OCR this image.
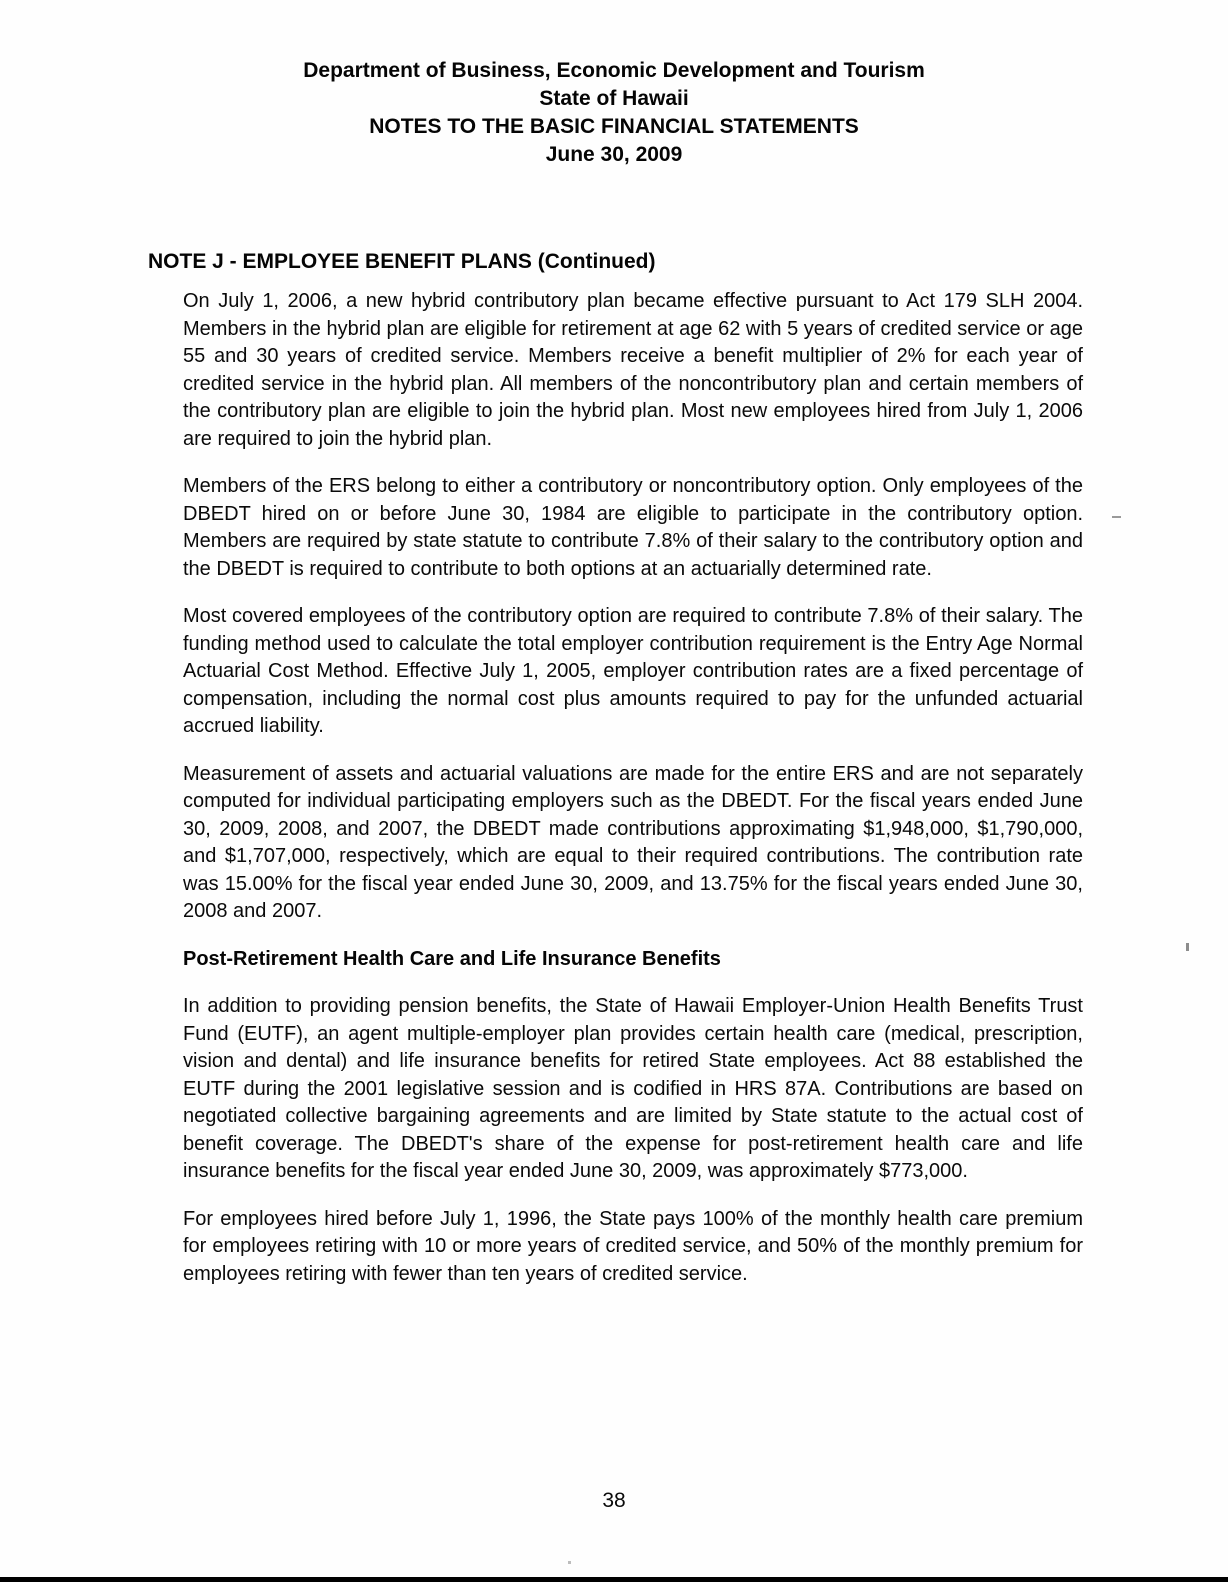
Department of Business, Economic Development and Tourism
State of Hawaii
NOTES TO THE BASIC FINANCIAL STATEMENTS
June 30, 2009
NOTE J - EMPLOYEE BENEFIT PLANS (Continued)

On July 1, 2006, a new hybrid contributory plan became effective pursuant to Act 179 SLH 2004. Members in the hybrid plan are eligible for retirement at age 62 with 5 years of credited service or age 55 and 30 years of credited service. Members receive a benefit multiplier of 2% for each year of credited service in the hybrid plan. All members of the noncontributory plan and certain members of the contributory plan are eligible to join the hybrid plan. Most new employees hired from July 1, 2006 are required to join the hybrid plan.

Members of the ERS belong to either a contributory or noncontributory option. Only employees of the DBEDT hired on or before June 30, 1984 are eligible to participate in the contributory option. Members are required by state statute to contribute 7.8% of their salary to the contributory option and the DBEDT is required to contribute to both options at an actuarially determined rate.

Most covered employees of the contributory option are required to contribute 7.8% of their salary. The funding method used to calculate the total employer contribution requirement is the Entry Age Normal Actuarial Cost Method. Effective July 1, 2005, employer contribution rates are a fixed percentage of compensation, including the normal cost plus amounts required to pay for the unfunded actuarial accrued liability.

Measurement of assets and actuarial valuations are made for the entire ERS and are not separately computed for individual participating employers such as the DBEDT. For the fiscal years ended June 30, 2009, 2008, and 2007, the DBEDT made contributions approximating $1,948,000, $1,790,000, and $1,707,000, respectively, which are equal to their required contributions. The contribution rate was 15.00% for the fiscal year ended June 30, 2009, and 13.75% for the fiscal years ended June 30, 2008 and 2007.

Post-Retirement Health Care and Life Insurance Benefits

In addition to providing pension benefits, the State of Hawaii Employer-Union Health Benefits Trust Fund (EUTF), an agent multiple-employer plan provides certain health care (medical, prescription, vision and dental) and life insurance benefits for retired State employees. Act 88 established the EUTF during the 2001 legislative session and is codified in HRS 87A. Contributions are based on negotiated collective bargaining agreements and are limited by State statute to the actual cost of benefit coverage. The DBEDT's share of the expense for post-retirement health care and life insurance benefits for the fiscal year ended June 30, 2009, was approximately $773,000.

For employees hired before July 1, 1996, the State pays 100% of the monthly health care premium for employees retiring with 10 or more years of credited service, and 50% of the monthly premium for employees retiring with fewer than ten years of credited service.

38
